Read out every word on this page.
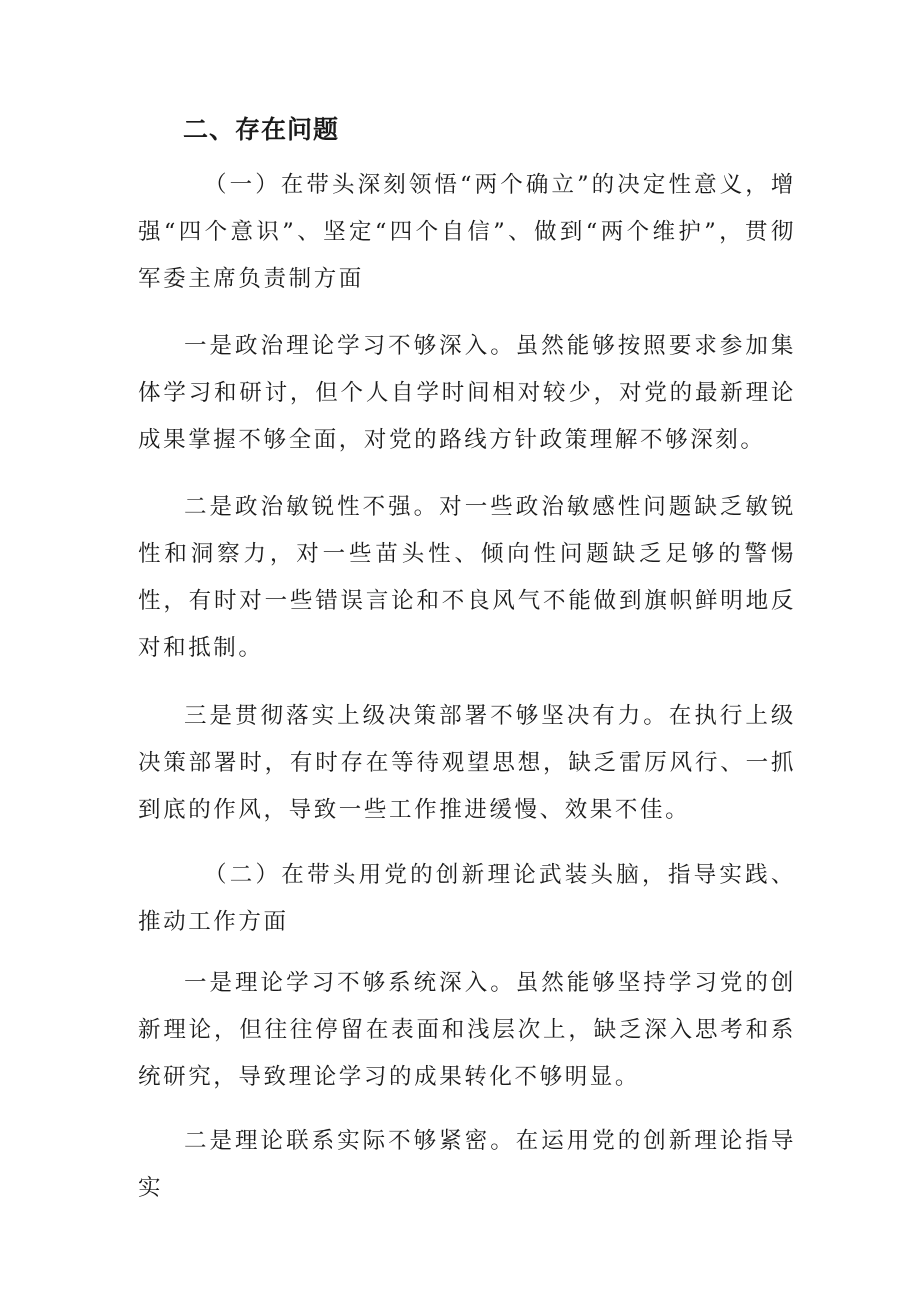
二、存在问题

（一）在带头深刻领悟“两个确立”的决定性意义，增强“四个意识”、坚定“四个自信”、做到“两个维护”，贯彻军委主席负责制方面

一是政治理论学习不够深入。虽然能够按照要求参加集体学习和研讨，但个人自学时间相对较少，对党的最新理论成果掌握不够全面，对党的路线方针政策理解不够深刻。

二是政治敏锐性不强。对一些政治敏感性问题缺乏敏锐性和洞察力，对一些苗头性、倾向性问题缺乏足够的警惕性，有时对一些错误言论和不良风气不能做到旗帜鲜明地反对和抵制。

三是贯彻落实上级决策部署不够坚决有力。在执行上级决策部署时，有时存在等待观望思想，缺乏雷厉风行、一抓到底的作风，导致一些工作推进缓慢、效果不佳。

（二）在带头用党的创新理论武装头脑，指导实践、推动工作方面

一是理论学习不够系统深入。虽然能够坚持学习党的创新理论，但往往停留在表面和浅层次上，缺乏深入思考和系统研究，导致理论学习的成果转化不够明显。

二是理论联系实际不够紧密。在运用党的创新理论指导实
